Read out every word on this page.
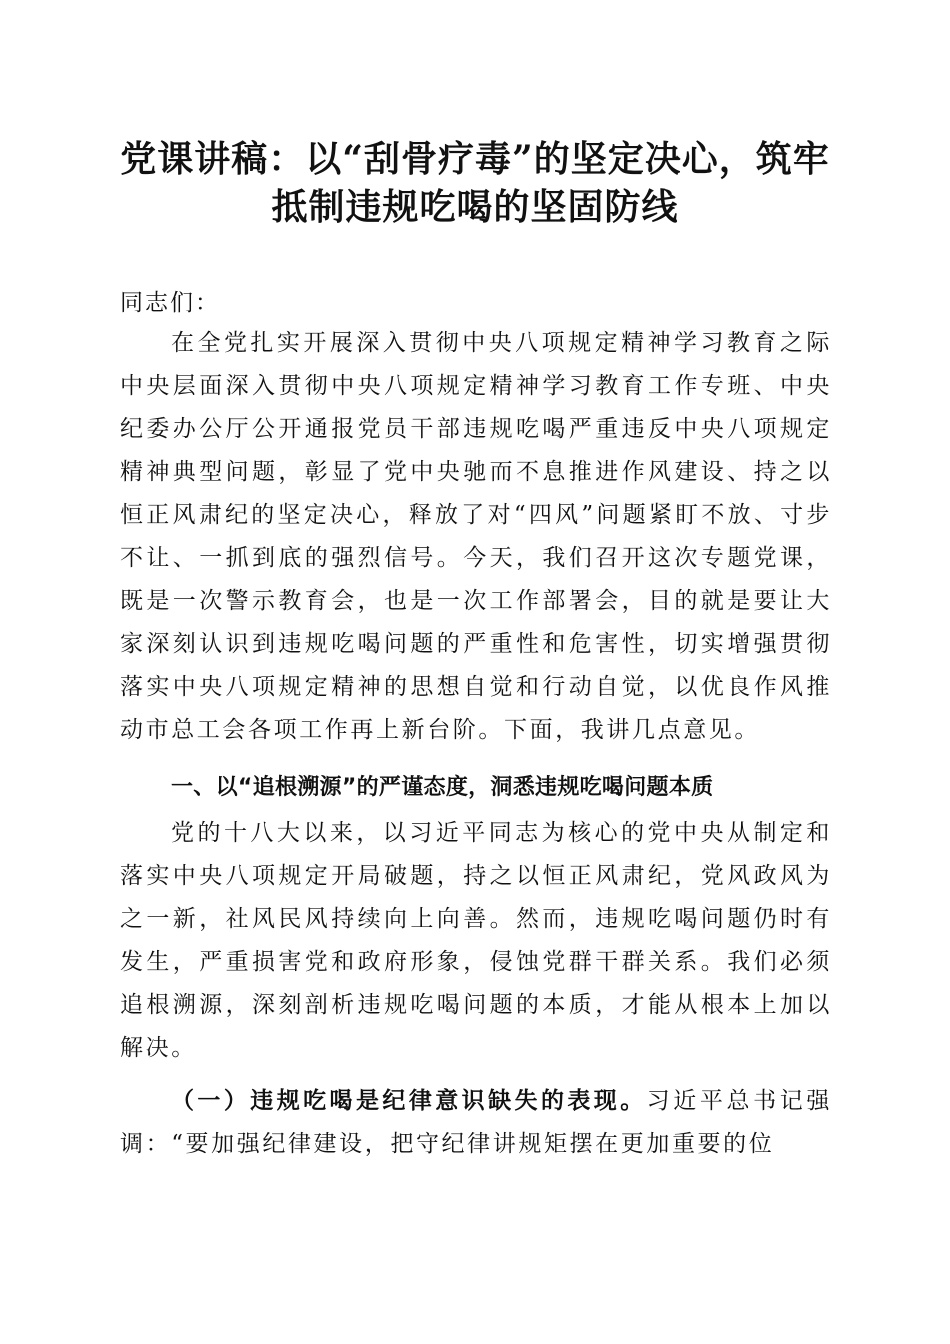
党课讲稿：以“刮骨疗毒”的坚定决心，筑牢
抵制违规吃喝的坚固防线

同志们：

在全党扎实开展深入贯彻中央八项规定精神学习教育之际中央层面深入贯彻中央八项规定精神学习教育工作专班、中央纪委办公厅公开通报党员干部违规吃喝严重违反中央八项规定精神典型问题，彰显了党中央驰而不息推进作风建设、持之以恒正风肃纪的坚定决心，释放了对“四风”问题紧盯不放、寸步不让、一抓到底的强烈信号。今天，我们召开这次专题党课，既是一次警示教育会，也是一次工作部署会，目的就是要让大家深刻认识到违规吃喝问题的严重性和危害性，切实增强贯彻落实中央八项规定精神的思想自觉和行动自觉，以优良作风推动市总工会各项工作再上新台阶。下面，我讲几点意见。

一、以“追根溯源”的严谨态度，洞悉违规吃喝问题本质

党的十八大以来，以习近平同志为核心的党中央从制定和落实中央八项规定开局破题，持之以恒正风肃纪，党风政风为之一新，社风民风持续向上向善。然而，违规吃喝问题仍时有发生，严重损害党和政府形象，侵蚀党群干群关系。我们必须追根溯源，深刻剖析违规吃喝问题的本质，才能从根本上加以解决。

（一）违规吃喝是纪律意识缺失的表现。习近平总书记强调：“要加强纪律建设，把守纪律讲规矩摆在更加重要的位
